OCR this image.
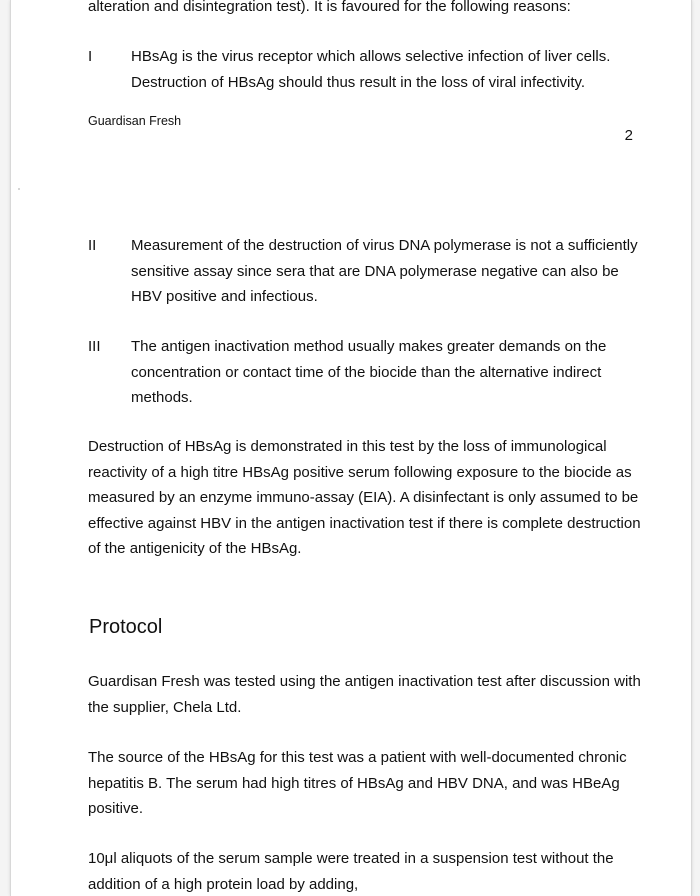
alteration and disintegration test). It is favoured for the following reasons:

I	HBsAg is the virus receptor which allows selective infection of liver cells.
Destruction of HBsAg should thus result in the loss of viral infectivity.
Guardisan Fresh
2
II Measurement of the destruction of virus DNA polymerase is not a sufficiently
sensitive assay since sera that are DNA polymerase negative can also be
HBV positive and infectious.
III The antigen inactivation method usually makes greater demands on the
concentration or contact time of the biocide than the alternative indirect
methods.
Destruction of HBsAg is demonstrated in this test by the loss of immunological
reactivity of a high titre HBsAg positive serum following exposure to the biocide as
measured by an enzyme immuno-assay (EIA). A disinfectant is only assumed to be
effective against HBV in the antigen inactivation test if there is complete destruction
of the antigenicity of the HBsAg.
Protocol
Guardisan Fresh was tested using the antigen inactivation test after discussion with
the supplier, Chela Ltd.
The source of the HBsAg for this test was a patient with well-documented chronic
hepatitis B. The serum had high titres of HBsAg and HBV DNA, and was HBeAg
positive.
10μl aliquots of the serum sample were treated in a suspension test without the
addition of a high protein load by adding,
